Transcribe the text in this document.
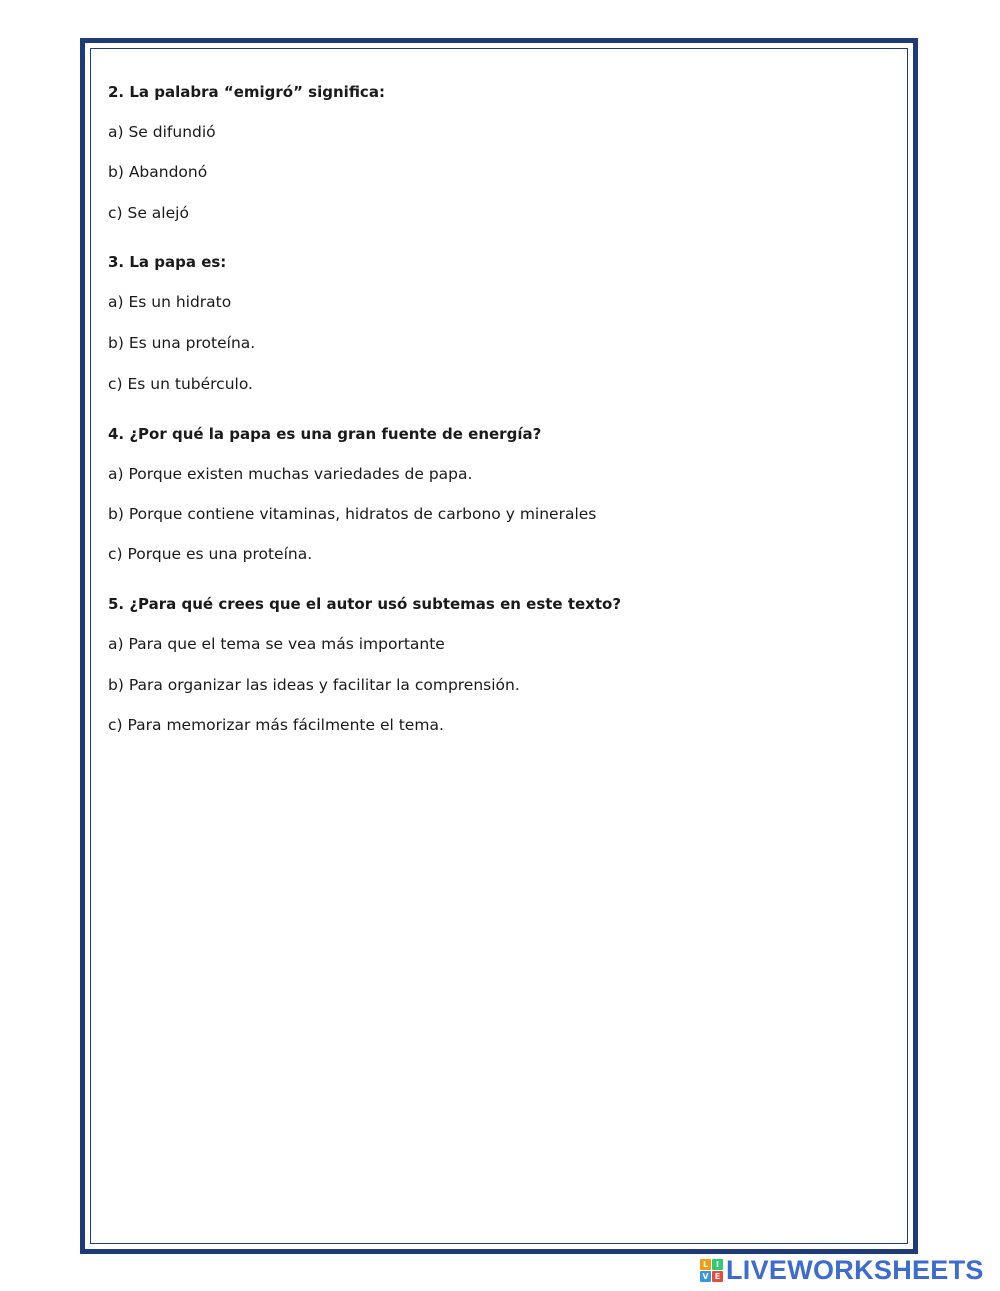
2. La palabra “emigró” significa:
a) Se difundió
b) Abandonó
c) Se alejó
3. La papa es:
a) Es un hidrato
b) Es una proteína.
c) Es un tubérculo.
4. ¿Por qué la papa es una gran fuente de energía?
a) Porque existen muchas variedades de papa.
b) Porque contiene vitaminas, hidratos de carbono y minerales
c) Porque es una proteína.
5. ¿Para qué crees que el autor usó subtemas en este texto?
a) Para que el tema se vea más importante
b) Para organizar las ideas y facilitar la comprensión.
c) Para memorizar más fácilmente el tema.
L I
V E LIVEWORKSHEETS
